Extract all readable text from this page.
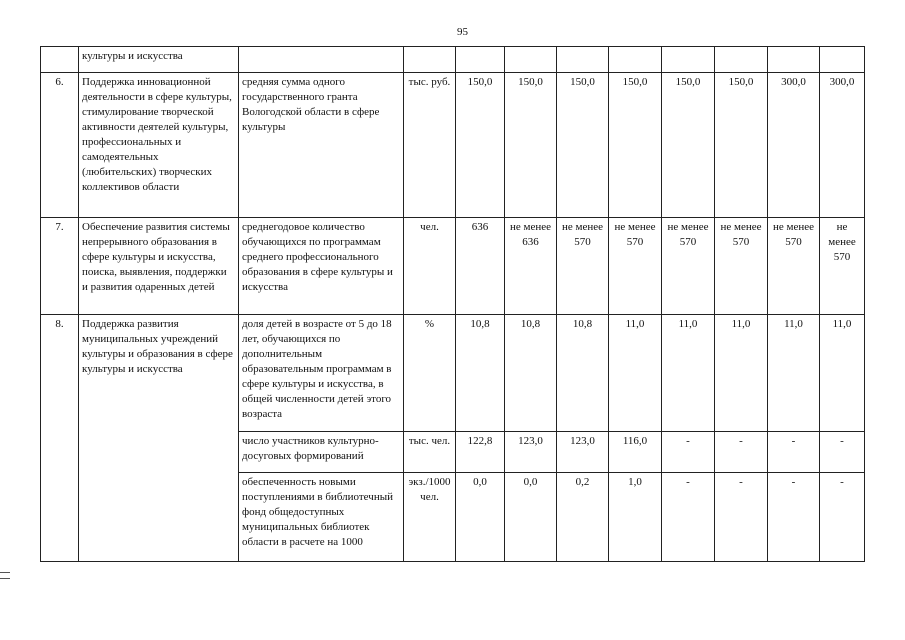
95
	культуры и искусства										
6.	Поддержка инновационной деятельности в сфере культуры, стимулирование творческой активности деятелей культуры, профессиональных и самодеятельных (любительских) творческих коллективов области	средняя сумма одного государственного гранта Вологодской области в сфере культуры	тыс. руб.	150,0	150,0	150,0	150,0	150,0	150,0	300,0	300,0
7.	Обеспечение развития системы непрерывного образования в сфере культуры и искусства, поиска, выявления, поддержки и развития одаренных детей	среднегодовое количество обучающихся по программам среднего профессионального образования в сфере культуры и искусства	чел.	636	не менее 636	не менее 570	не менее 570	не менее 570	не менее 570	не менее 570	не менее 570
8.	Поддержка развития муниципальных учреждений культуры и образования в сфере культуры и искусства	доля детей в возрасте от 5 до 18 лет, обучающихся по дополнительным образовательным программам в сфере культуры и искусства, в общей численности детей этого возраста	%	10,8	10,8	10,8	11,0	11,0	11,0	11,0	11,0
		число участников культурно-досуговых формирований	тыс. чел.	122,8	123,0	123,0	116,0	-	-	-	-
		обеспеченность новыми поступлениями в библиотечный фонд общедоступных муниципальных библиотек области в расчете на 1000	экз./1000 чел.	0,0	0,0	0,2	1,0	-	-	-	-
